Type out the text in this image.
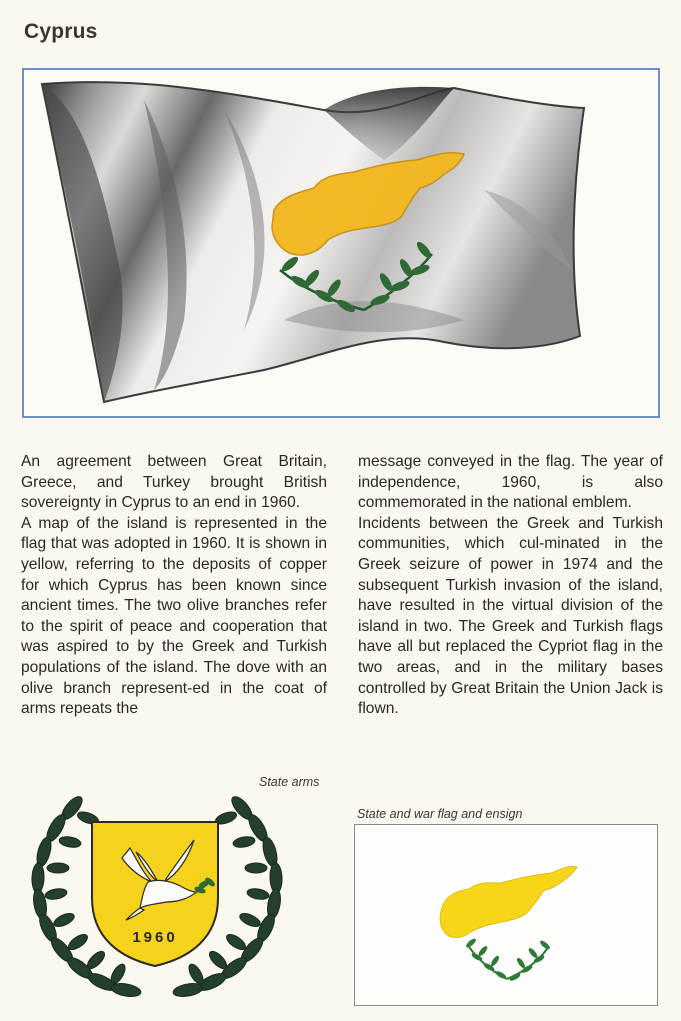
Cyprus

An agreement between Great Britain, Greece, and Turkey brought British sovereignty in Cyprus to an end in 1960.

A map of the island is represented in the flag that was adopted in 1960. It is shown in yellow, referring to the deposits of copper for which Cyprus has been known since ancient times. The two olive branches refer to the spirit of peace and cooperation that was aspired to by the Greek and Turkish populations of the island. The dove with an olive branch represent-ed in the coat of arms repeats the

message conveyed in the flag. The year of independence, 1960, is also commemorated in the national emblem.

Incidents between the Greek and Turkish communities, which cul-minated in the Greek seizure of power in 1974 and the subsequent Turkish invasion of the island, have resulted in the virtual division of the island in two. The Greek and Turkish flags have all but replaced the Cypriot flag in the two areas, and in the military bases controlled by Great Britain the Union Jack is flown.

State arms
1960
State and war flag and ensign
